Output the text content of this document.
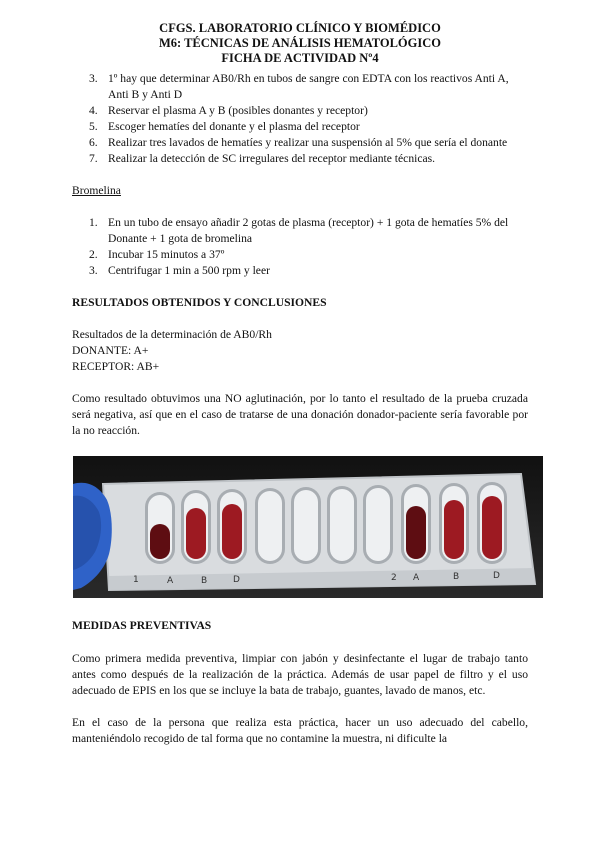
CFGS. LABORATORIO CLÍNICO Y BIOMÉDICO
M6: TÉCNICAS DE ANÁLISIS HEMATOLÓGICO
FICHA DE ACTIVIDAD Nº4
3. 1º hay que determinar AB0/Rh en tubos de sangre con EDTA con los reactivos Anti A, Anti B y Anti D
4. Reservar el plasma A y B (posibles donantes y receptor)
5. Escoger hematíes del donante y el plasma del receptor
6. Realizar tres lavados de hematíes y realizar una suspensión al 5% que sería el donante
7. Realizar la detección de SC irregulares del receptor mediante técnicas.
Bromelina
1. En un tubo de ensayo añadir 2 gotas de plasma (receptor) + 1 gota de hematíes 5% del Donante + 1 gota de bromelina
2. Incubar 15 minutos a 37º
3. Centrifugar 1 min a 500 rpm y leer
RESULTADOS OBTENIDOS Y CONCLUSIONES
Resultados de la determinación de AB0/Rh
DONANTE: A+
RECEPTOR: AB+
Como resultado obtuvimos una NO aglutinación, por lo tanto el resultado de la prueba cruzada será negativa, así que en el caso de tratarse de una donación donador-paciente sería favorable por la no reacción.
1	A	B	D	2 A	B	D
MEDIDAS PREVENTIVAS
Como primera medida preventiva, limpiar con jabón y desinfectante el lugar de trabajo tanto antes como después de la realización de la práctica. Además de usar papel de filtro y el uso adecuado de EPIS en los que se incluye la bata de trabajo, guantes, lavado de manos, etc.
En el caso de la persona que realiza esta práctica, hacer un uso adecuado del cabello, manteniéndolo recogido de tal forma que no contamine la muestra, ni dificulte la
